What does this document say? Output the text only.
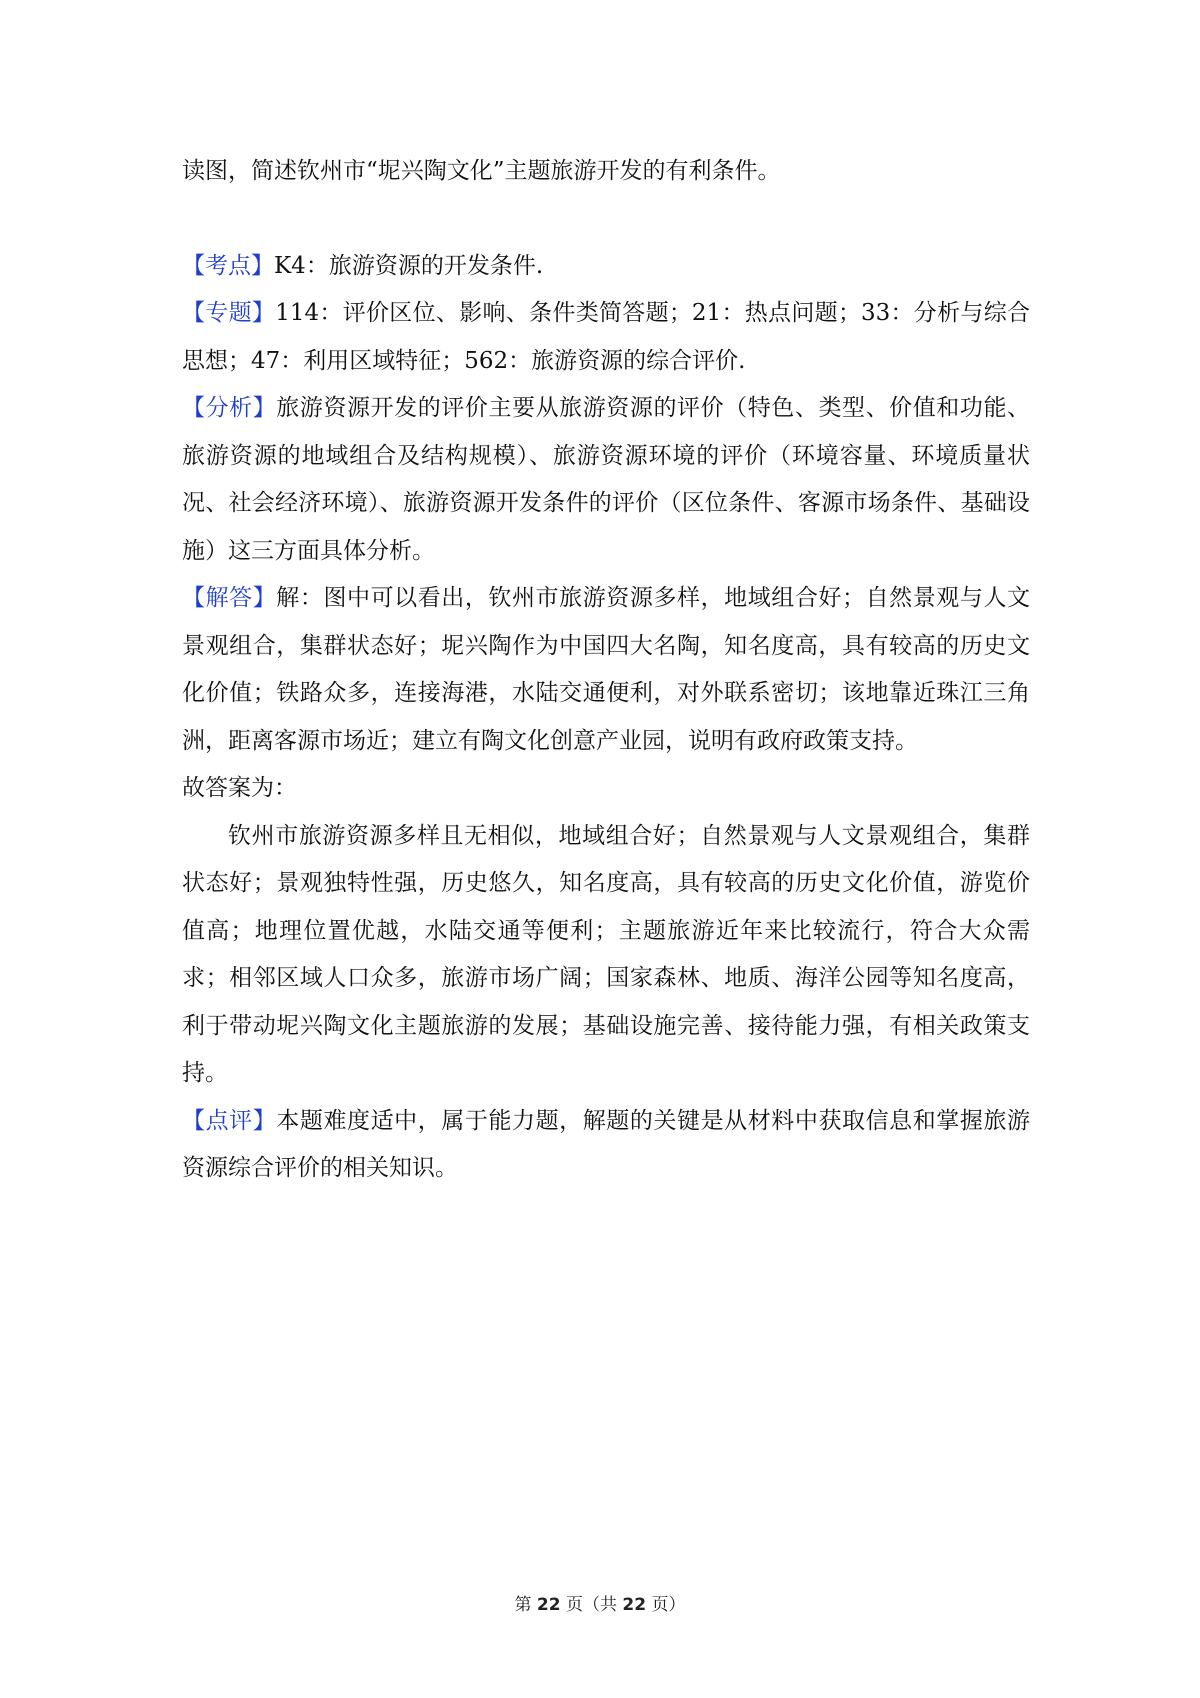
读图，简述钦州市“坭兴陶文化”主题旅游开发的有利条件。

【考点】K4：旅游资源的开发条件.

【专题】114：评价区位、影响、条件类简答题；21：热点问题；33：分析与综合思想；47：利用区域特征；562：旅游资源的综合评价.

【分析】旅游资源开发的评价主要从旅游资源的评价（特色、类型、价值和功能、旅游资源的地域组合及结构规模）、旅游资源环境的评价（环境容量、环境质量状况、社会经济环境）、旅游资源开发条件的评价（区位条件、客源市场条件、基础设施）这三方面具体分析。

【解答】解：图中可以看出，钦州市旅游资源多样，地域组合好；自然景观与人文景观组合，集群状态好；坭兴陶作为中国四大名陶，知名度高，具有较高的历史文化价值；铁路众多，连接海港，水陆交通便利，对外联系密切；该地靠近珠江三角洲，距离客源市场近；建立有陶文化创意产业园，说明有政府政策支持。

故答案为：

钦州市旅游资源多样且无相似，地域组合好；自然景观与人文景观组合，集群状态好；景观独特性强，历史悠久，知名度高，具有较高的历史文化价值，游览价值高；地理位置优越，水陆交通等便利；主题旅游近年来比较流行，符合大众需求；相邻区域人口众多，旅游市场广阔；国家森林、地质、海洋公园等知名度高，利于带动坭兴陶文化主题旅游的发展；基础设施完善、接待能力强，有相关政策支持。

【点评】本题难度适中，属于能力题，解题的关键是从材料中获取信息和掌握旅游资源综合评价的相关知识。

第 22 页（共 22 页）
